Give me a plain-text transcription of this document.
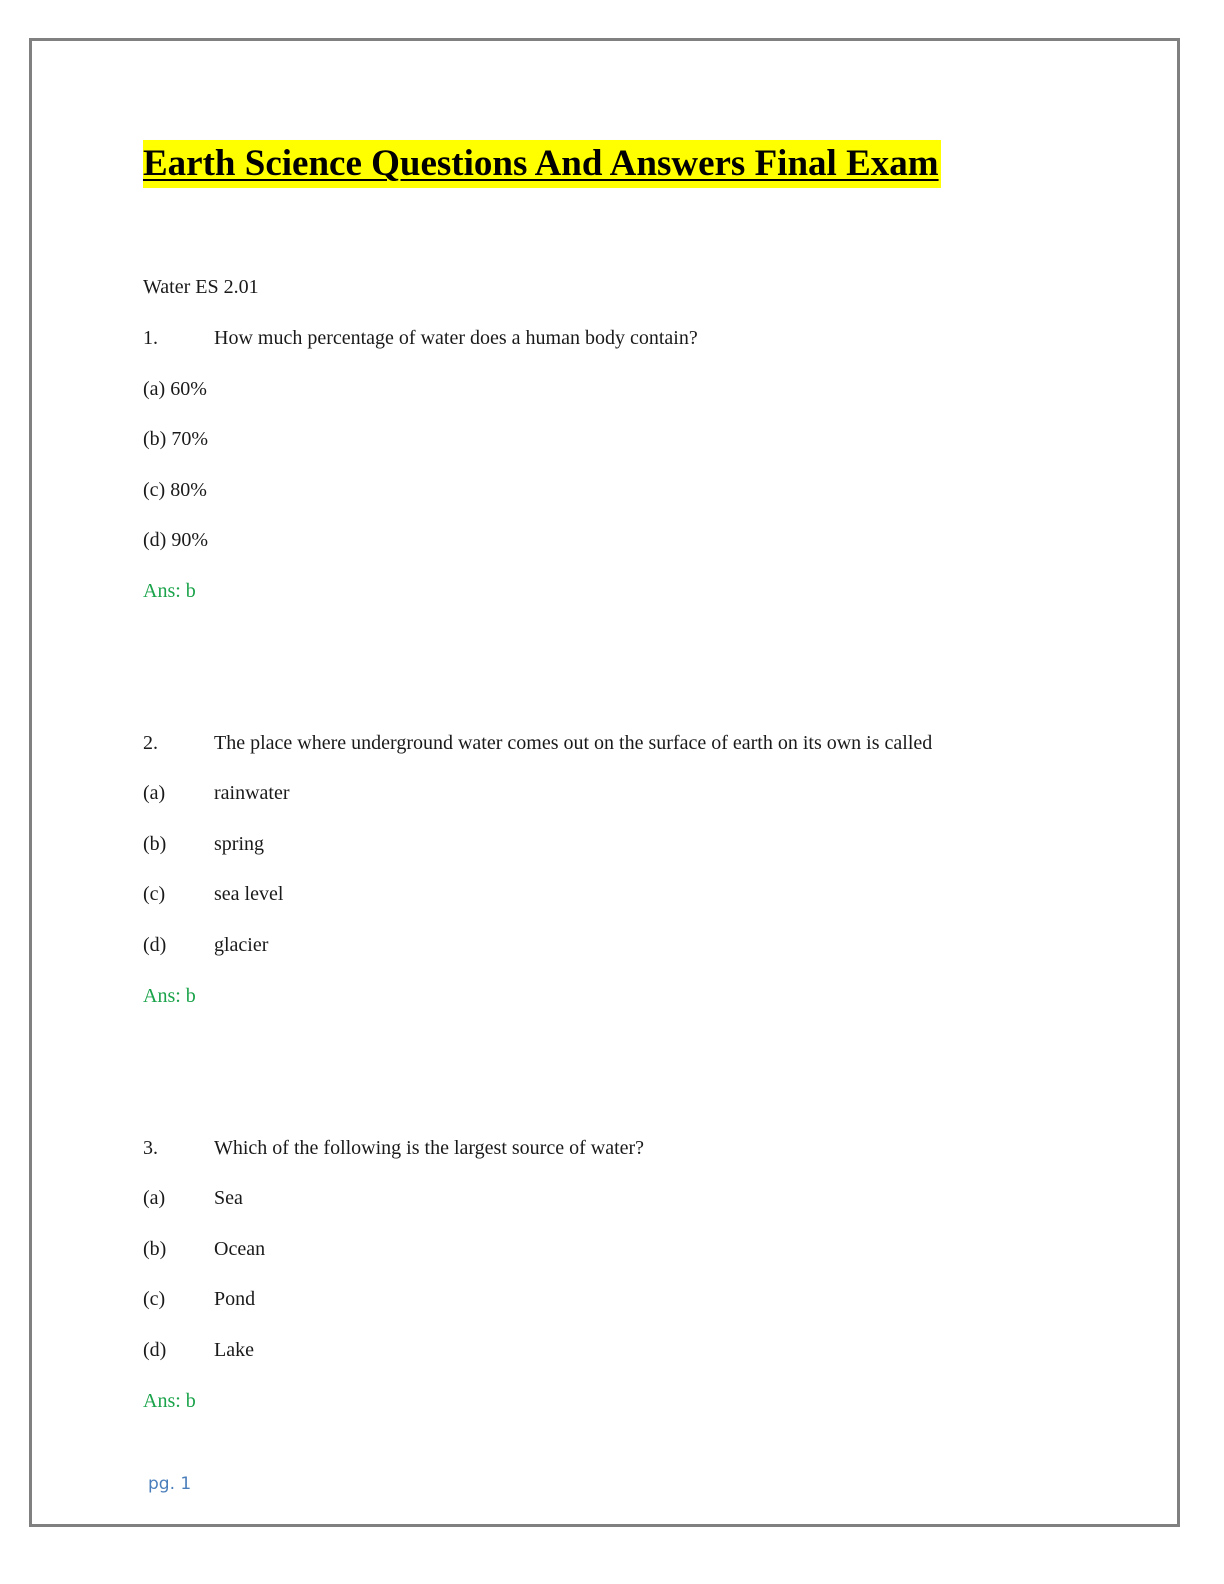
Earth Science Questions And Answers Final Exam
Water ES 2.01
1.	How much percentage of water does a human body contain?
(a) 60%
(b) 70%
(c) 80%
(d) 90%
Ans: b
2.	The place where underground water comes out on the surface of earth on its own is called
(a) rainwater
(b) spring
(c) sea level
(d) glacier
Ans: b
3.	Which of the following is the largest source of water?
(a) Sea
(b) Ocean
(c) Pond
(d) Lake
Ans: b
pg. 1
